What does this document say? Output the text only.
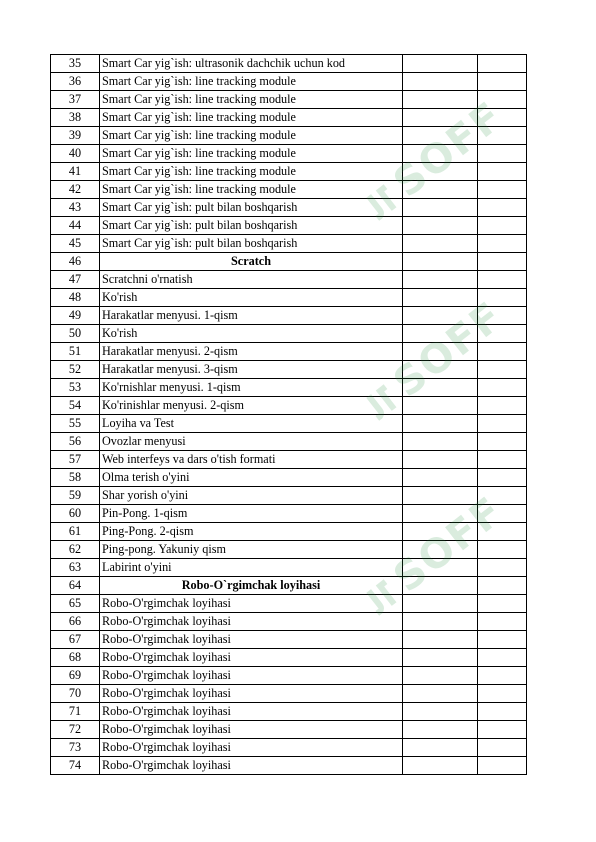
35	Smart Car yig`ish: ultrasonik dachchik uchun kod		
36	Smart Car yig`ish: line tracking module		
37	Smart Car yig`ish: line tracking module		
38	Smart Car yig`ish: line tracking module		
39	Smart Car yig`ish: line tracking module		
40	Smart Car yig`ish: line tracking module		
41	Smart Car yig`ish: line tracking module		
42	Smart Car yig`ish: line tracking module		
43	Smart Car yig`ish: pult bilan boshqarish		
44	Smart Car yig`ish: pult bilan boshqarish		
45	Smart Car yig`ish: pult bilan boshqarish		
46	Scratch		
47	Scratchni o'rnatish		
48	Ko'rish		
49	Harakatlar menyusi. 1-qism		
50	Ko'rish		
51	Harakatlar menyusi. 2-qism		
52	Harakatlar menyusi. 3-qism		
53	Ko'rnishlar menyusi. 1-qism		
54	Ko'rinishlar menyusi. 2-qism		
55	Loyiha va Test		
56	Ovozlar menyusi		
57	Web interfeys va dars o'tish formati		
58	Olma terish o'yini		
59	Shar yorish o'yini		
60	Pin-Pong. 1-qism		
61	Ping-Pong. 2-qism		
62	Ping-pong. Yakuniy qism		
63	Labirint o'yini		
64	Robo-O`rgimchak loyihasi		
65	Robo-O'rgimchak loyihasi		
66	Robo-O'rgimchak loyihasi		
67	Robo-O'rgimchak loyihasi		
68	Robo-O'rgimchak loyihasi		
69	Robo-O'rgimchak loyihasi		
70	Robo-O'rgimchak loyihasi		
71	Robo-O'rgimchak loyihasi		
72	Robo-O'rgimchak loyihasi		
73	Robo-O'rgimchak loyihasi		
74	Robo-O'rgimchak loyihasi		
SOFF
SOFF
SOFF
